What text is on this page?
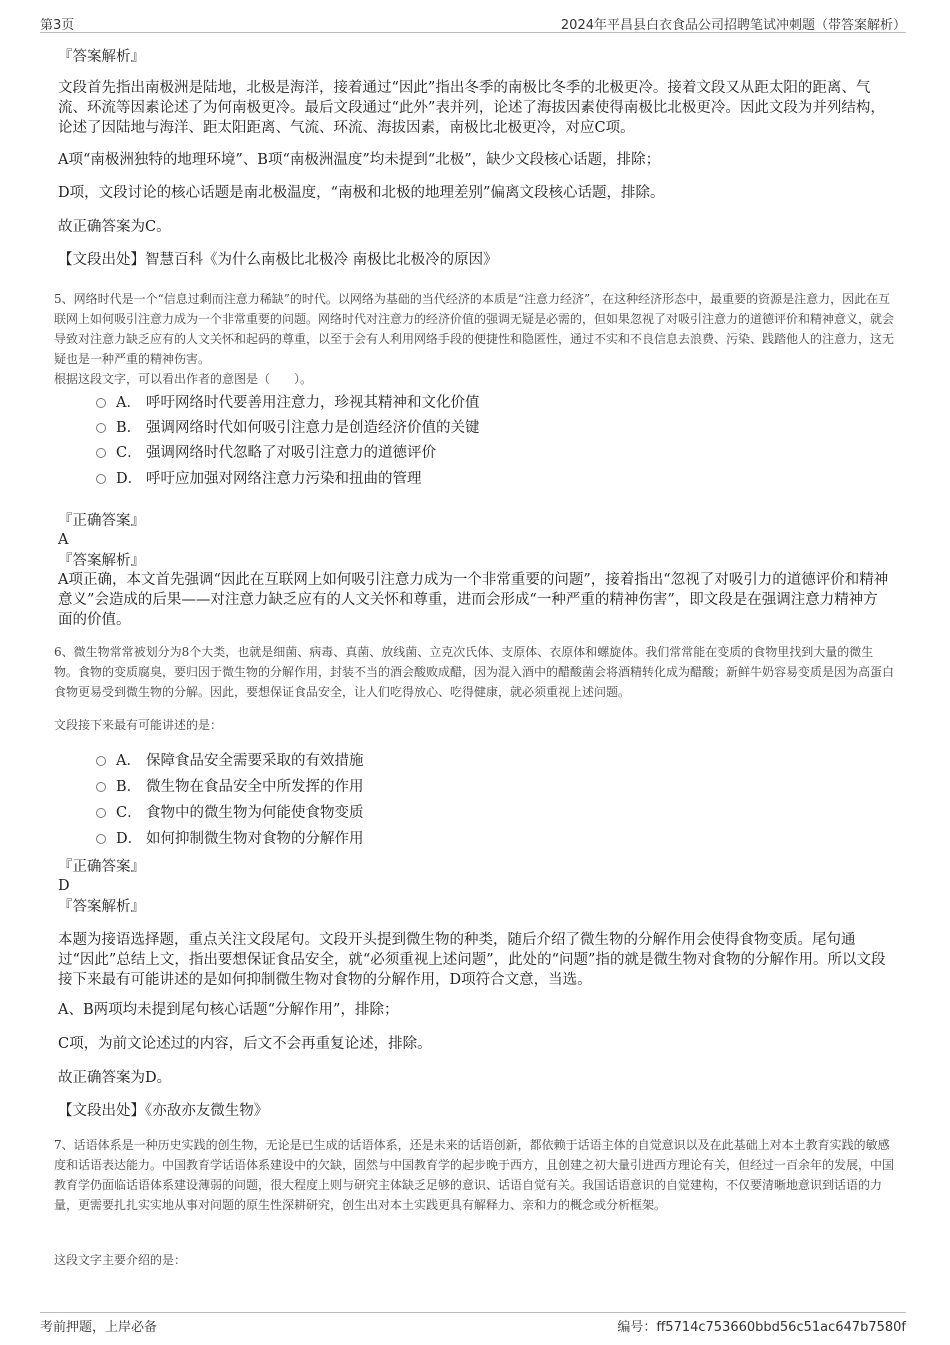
第3页	2024年平昌县白衣食品公司招聘笔试冲刺题（带答案解析）

『答案解析』

文段首先指出南极洲是陆地，北极是海洋，接着通过“因此”指出冬季的南极比冬季的北极更冷。接着文段又从距太阳的距离、气流、环流等因素论述了为何南极更冷。最后文段通过“此外”表并列，论述了海拔因素使得南极比北极更冷。因此文段为并列结构，论述了因陆地与海洋、距太阳距离、气流、环流、海拔因素，南极比北极更冷，对应C项。

A项“南极洲独特的地理环境”、B项“南极洲温度”均未提到“北极”，缺少文段核心话题，排除；

D项，文段讨论的核心话题是南北极温度，“南极和北极的地理差别”偏离文段核心话题，排除。

故正确答案为C。

【文段出处】智慧百科《为什么南极比北极冷 南极比北极冷的原因》

5、网络时代是一个“信息过剩而注意力稀缺”的时代。以网络为基础的当代经济的本质是“注意力经济”，在这种经济形态中，最重要的资源是注意力，因此在互联网上如何吸引注意力成为一个非常重要的问题。网络时代对注意力的经济价值的强调无疑是必需的，但如果忽视了对吸引注意力的道德评价和精神意义，就会导致对注意力缺乏应有的人文关怀和起码的尊重，以至于会有人利用网络手段的便捷性和隐匿性，通过不实和不良信息去浪费、污染、践踏他人的注意力，这无疑也是一种严重的精神伤害。

根据这段文字，可以看出作者的意图是（　　）。

A． 呼吁网络时代要善用注意力，珍视其精神和文化价值
B． 强调网络时代如何吸引注意力是创造经济价值的关键
C． 强调网络时代忽略了对吸引注意力的道德评价
D． 呼吁应加强对网络注意力污染和扭曲的管理

『正确答案』

A

『答案解析』

A项正确，本文首先强调“因此在互联网上如何吸引注意力成为一个非常重要的问题”，接着指出“忽视了对吸引力的道德评价和精神意义”会造成的后果——对注意力缺乏应有的人文关怀和尊重，进而会形成“一种严重的精神伤害”，即文段是在强调注意力精神方面的价值。

6、微生物常常被划分为8个大类，也就是细菌、病毒、真菌、放线菌、立克次氏体、支原体、衣原体和螺旋体。我们常常能在变质的食物里找到大量的微生物。食物的变质腐臭，要归因于微生物的分解作用，封装不当的酒会酸败成醋，因为混入酒中的醋酸菌会将酒精转化成为醋酸；新鲜牛奶容易变质是因为高蛋白食物更易受到微生物的分解。因此，要想保证食品安全，让人们吃得放心、吃得健康，就必须重视上述问题。

文段接下来最有可能讲述的是：

A． 保障食品安全需要采取的有效措施
B． 微生物在食品安全中所发挥的作用
C． 食物中的微生物为何能使食物变质
D． 如何抑制微生物对食物的分解作用

『正确答案』

D

『答案解析』

本题为接语选择题，重点关注文段尾句。文段开头提到微生物的种类，随后介绍了微生物的分解作用会使得食物变质。尾句通过“因此”总结上文，指出要想保证食品安全，就“必须重视上述问题”，此处的“问题”指的就是微生物对食物的分解作用。所以文段接下来最有可能讲述的是如何抑制微生物对食物的分解作用，D项符合文意，当选。

A、B两项均未提到尾句核心话题“分解作用”，排除；

C项，为前文论述过的内容，后文不会再重复论述，排除。

故正确答案为D。

【文段出处】《亦敌亦友微生物》

7、话语体系是一种历史实践的创生物，无论是已生成的话语体系，还是未来的话语创新，都依赖于话语主体的自觉意识以及在此基础上对本土教育实践的敏感度和话语表达能力。中国教育学话语体系建设中的欠缺，固然与中国教育学的起步晚于西方，且创建之初大量引进西方理论有关，但经过一百余年的发展，中国教育学仍面临话语体系建设薄弱的问题，很大程度上则与研究主体缺乏足够的意识、话语自觉有关。我国话语意识的自觉建构，不仅要清晰地意识到话语的力量，更需要扎扎实实地从事对问题的原生性深耕研究，创生出对本土实践更具有解释力、亲和力的概念或分析框架。

这段文字主要介绍的是：

考前押题，上岸必备	编号：ff5714c753660bbd56c51ac647b7580f
